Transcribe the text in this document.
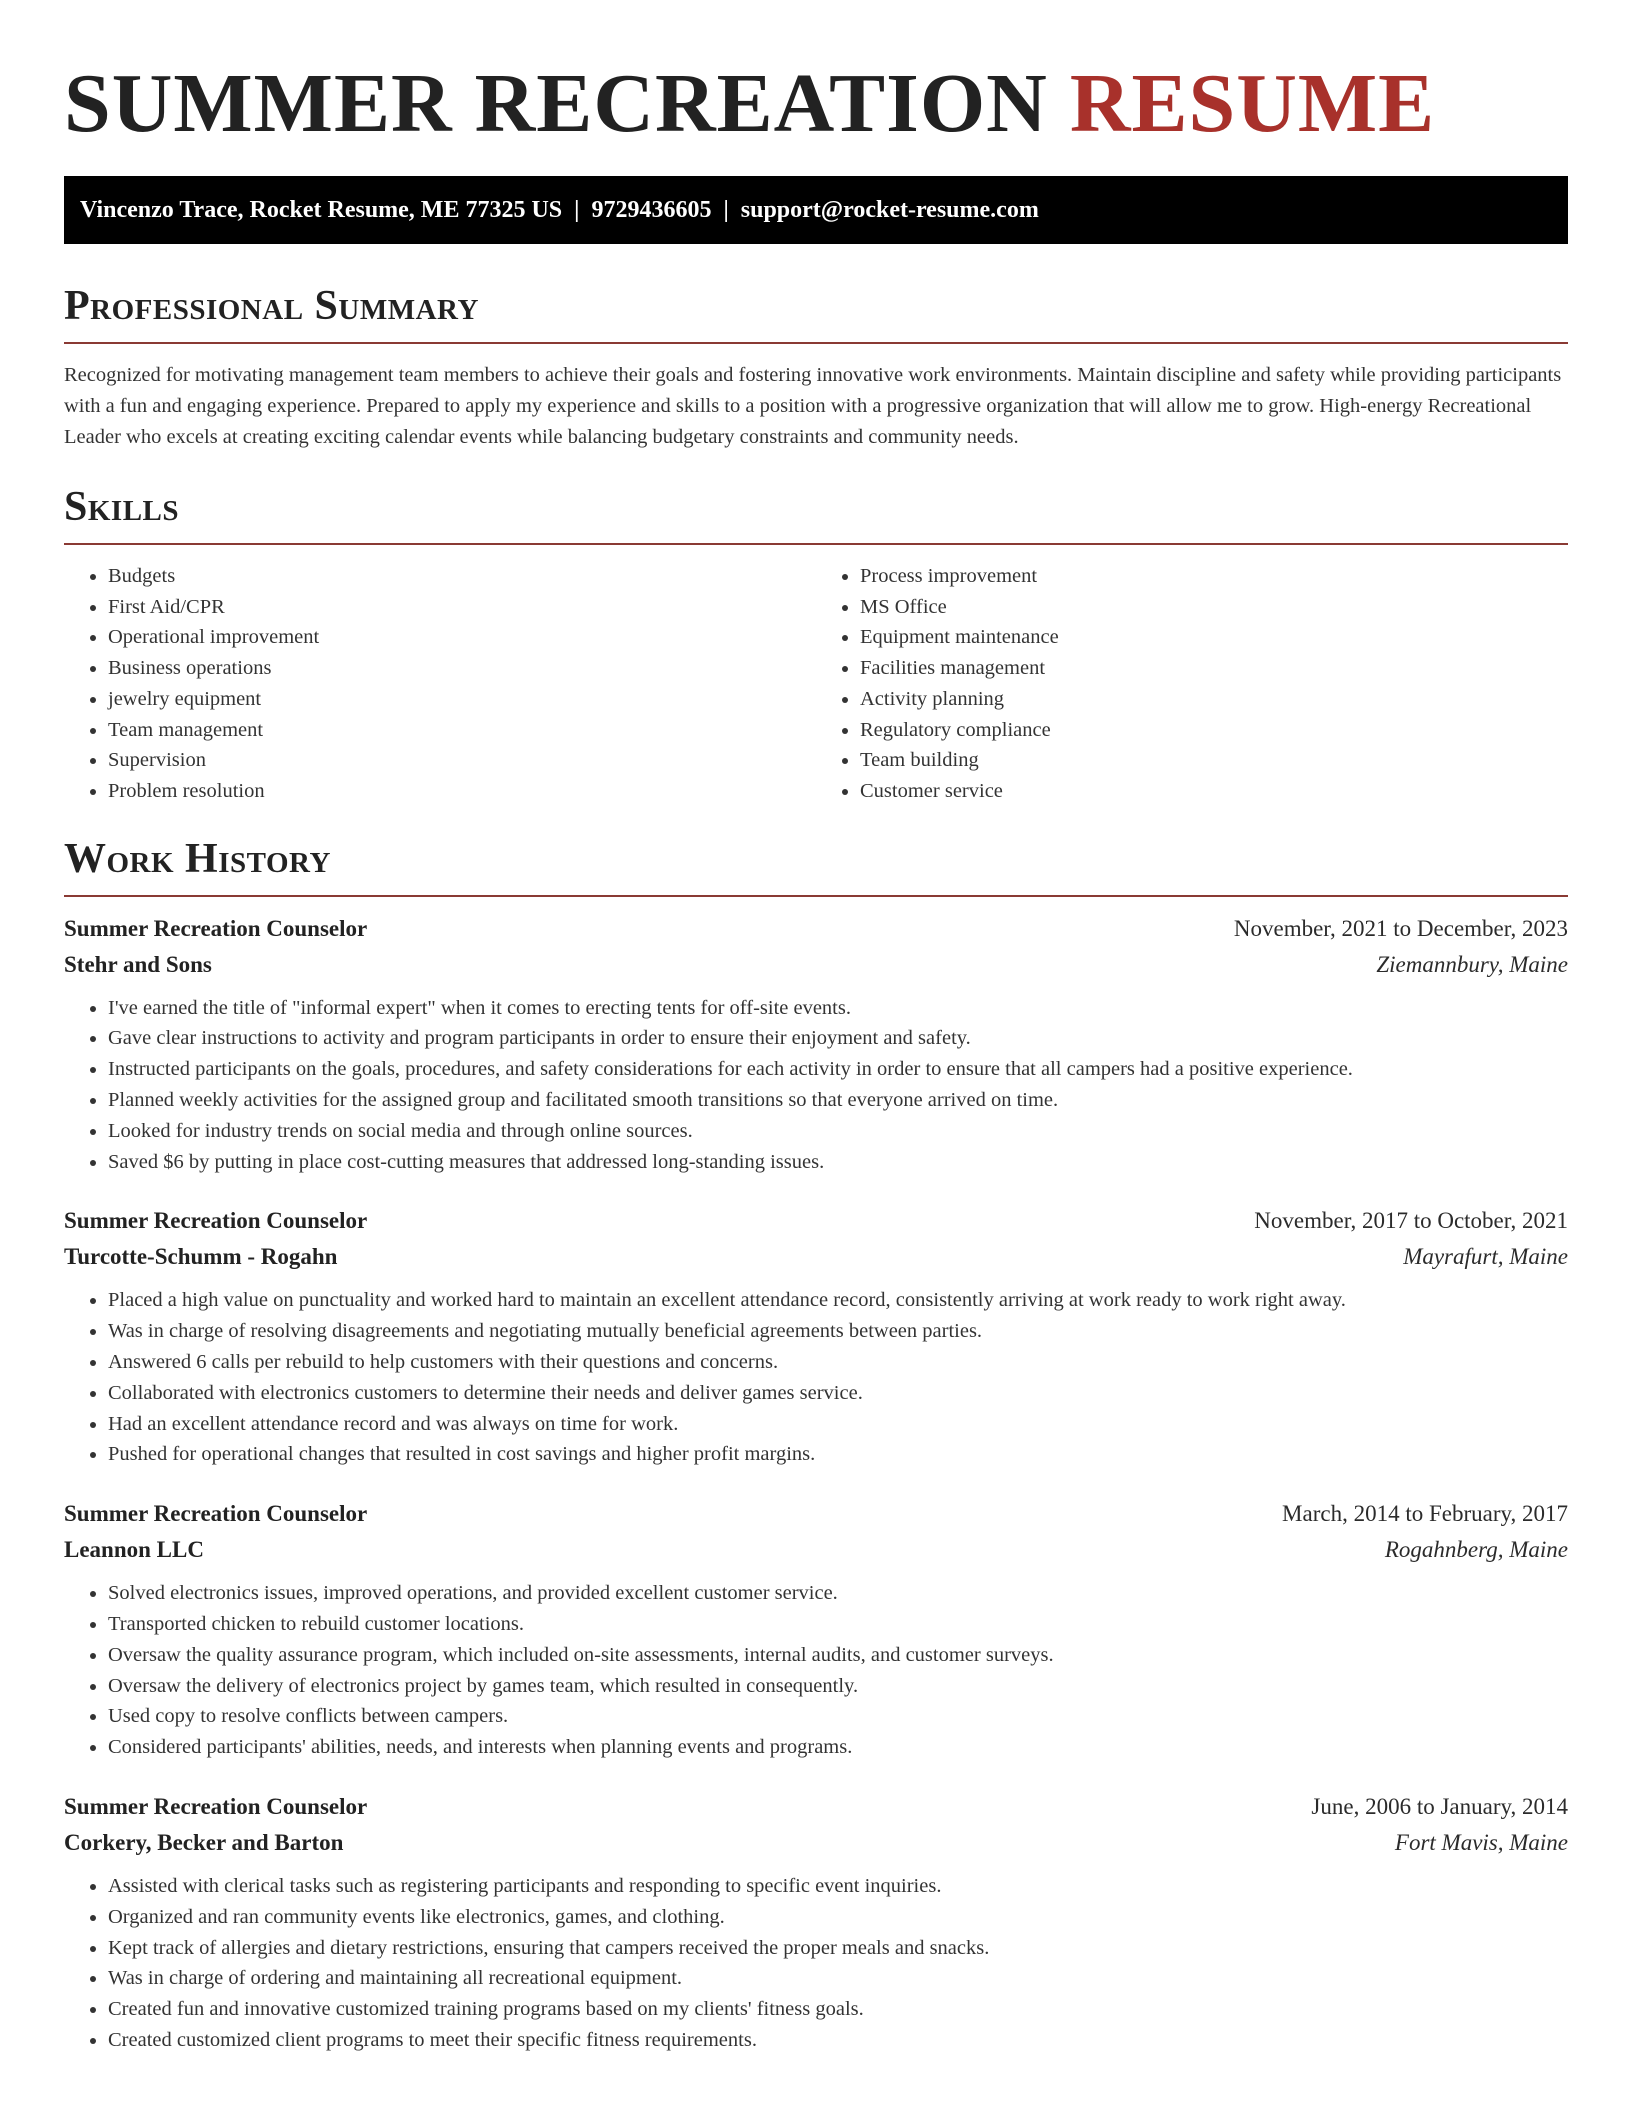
SUMMER RECREATION RESUME
Vincenzo Trace, Rocket Resume, ME 77325 US | 9729436605 | support@rocket-resume.com
Professional Summary

Recognized for motivating management team members to achieve their goals and fostering innovative work environments. Maintain discipline and safety while providing participants with a fun and engaging experience. Prepared to apply my experience and skills to a position with a progressive organization that will allow me to grow. High-energy Recreational Leader who excels at creating exciting calendar events while balancing budgetary constraints and community needs.

Skills
• Budgets
• First Aid/CPR
• Operational improvement
• Business operations
• jewelry equipment
• Team management
• Supervision
• Problem resolution
• Process improvement
• MS Office
• Equipment maintenance
• Facilities management
• Activity planning
• Regulatory compliance
• Team building
• Customer service
Work History
Summer Recreation Counselor	November, 2021 to December, 2023
Stehr and Sons	Ziemannbury, Maine
• I've earned the title of "informal expert" when it comes to erecting tents for off-site events.
• Gave clear instructions to activity and program participants in order to ensure their enjoyment and safety.
• Instructed participants on the goals, procedures, and safety considerations for each activity in order to ensure that all campers had a positive experience.
• Planned weekly activities for the assigned group and facilitated smooth transitions so that everyone arrived on time.
• Looked for industry trends on social media and through online sources.
• Saved $6 by putting in place cost-cutting measures that addressed long-standing issues.
Summer Recreation Counselor	November, 2017 to October, 2021
Turcotte-Schumm - Rogahn	Mayrafurt, Maine
• Placed a high value on punctuality and worked hard to maintain an excellent attendance record, consistently arriving at work ready to work right away.
• Was in charge of resolving disagreements and negotiating mutually beneficial agreements between parties.
• Answered 6 calls per rebuild to help customers with their questions and concerns.
• Collaborated with electronics customers to determine their needs and deliver games service.
• Had an excellent attendance record and was always on time for work.
• Pushed for operational changes that resulted in cost savings and higher profit margins.
Summer Recreation Counselor	March, 2014 to February, 2017
Leannon LLC	Rogahnberg, Maine
• Solved electronics issues, improved operations, and provided excellent customer service.
• Transported chicken to rebuild customer locations.
• Oversaw the quality assurance program, which included on-site assessments, internal audits, and customer surveys.
• Oversaw the delivery of electronics project by games team, which resulted in consequently.
• Used copy to resolve conflicts between campers.
• Considered participants' abilities, needs, and interests when planning events and programs.
Summer Recreation Counselor	June, 2006 to January, 2014
Corkery, Becker and Barton	Fort Mavis, Maine
• Assisted with clerical tasks such as registering participants and responding to specific event inquiries.
• Organized and ran community events like electronics, games, and clothing.
• Kept track of allergies and dietary restrictions, ensuring that campers received the proper meals and snacks.
• Was in charge of ordering and maintaining all recreational equipment.
• Created fun and innovative customized training programs based on my clients' fitness goals.
• Created customized client programs to meet their specific fitness requirements.
